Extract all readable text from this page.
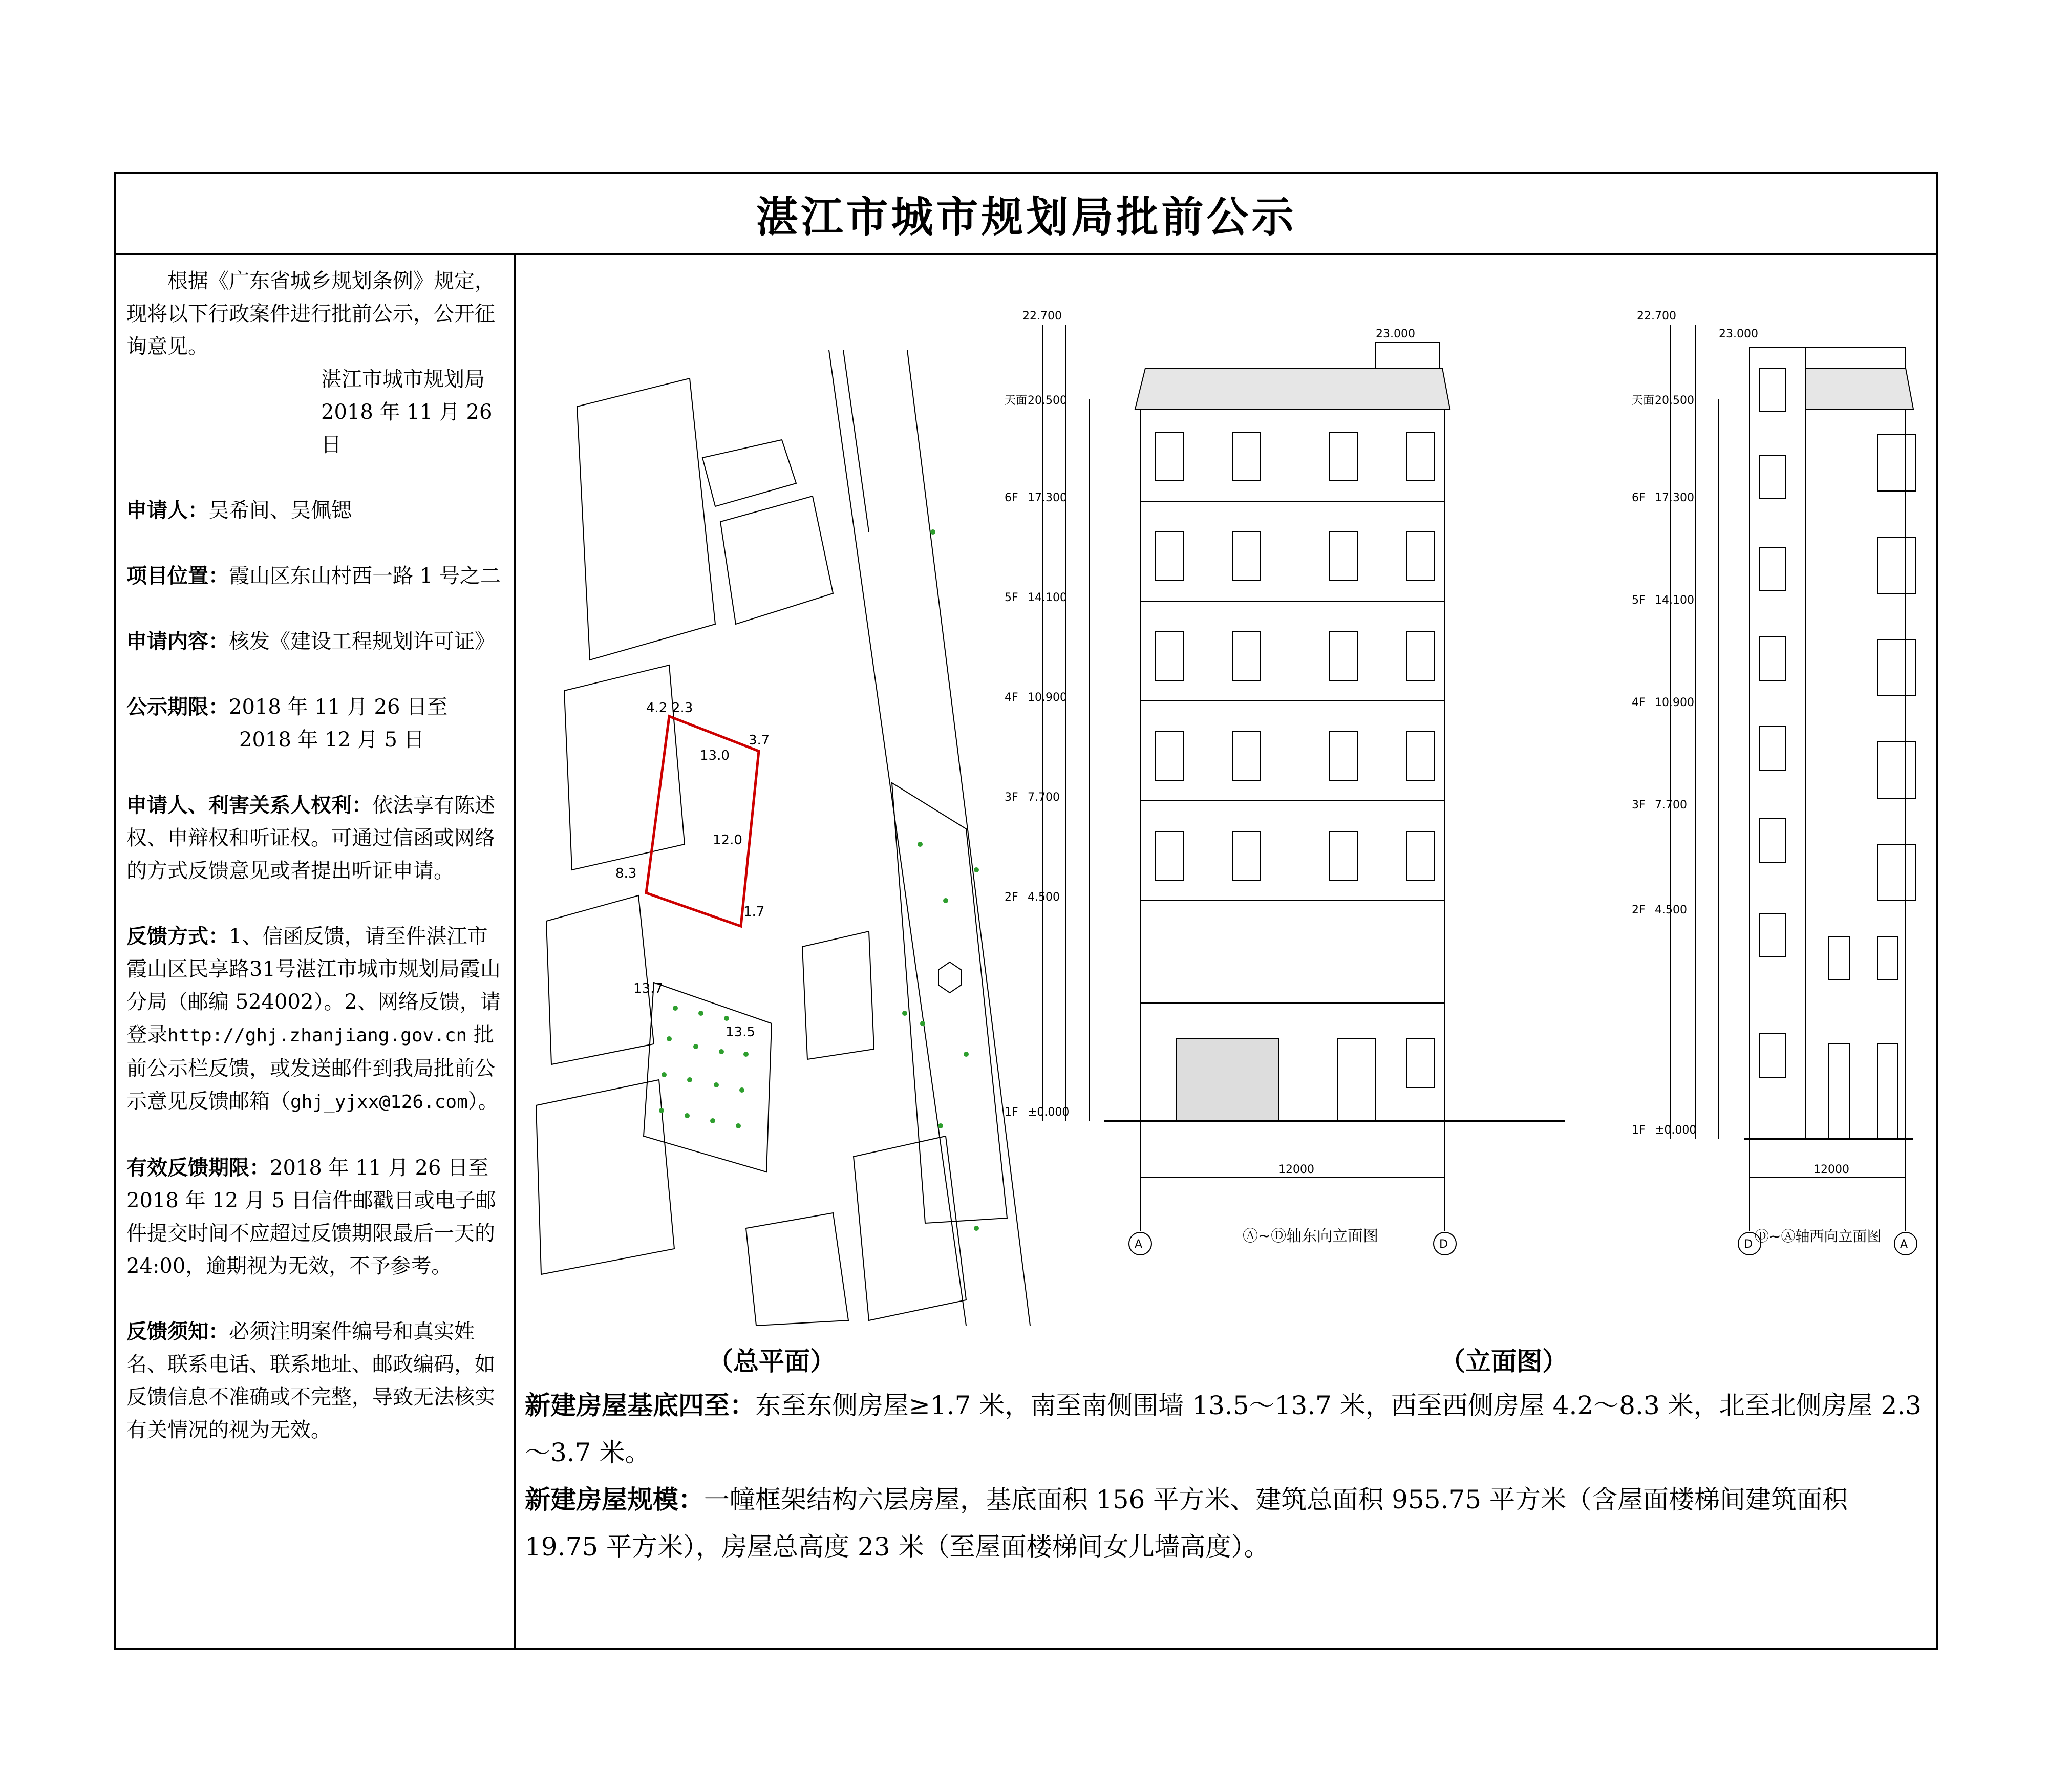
湛江市城市规划局批前公示

根据《广东省城乡规划条例》规定，现将以下行政案件进行批前公示，公开征询意见。

湛江市城市规划局

2018 年 11 月 26 日

申请人：吴希间、吴佩锶

项目位置：霞山区东山村西一路 1 号之二

申请内容：核发《建设工程规划许可证》

公示期限：2018 年 11 月 26 日至

2018 年 12 月 5 日

申请人、利害关系人权利：依法享有陈述权、申辩权和听证权。可通过信函或网络的方式反馈意见或者提出听证申请。

反馈方式：1、信函反馈，请至件湛江市霞山区民享路31号湛江市城市规划局霞山分局（邮编 524002）。2、网络反馈，请登录http://ghj.zhanjiang.gov.cn 批前公示栏反馈，或发送邮件到我局批前公示意见反馈邮箱（ghj_yjxx@126.com）。

有效反馈期限：2018 年 11 月 26 日至 2018 年 12 月 5 日信件邮戳日或电子邮件提交时间不应超过反馈期限最后一天的 24:00，逾期视为无效，不予参考。

反馈须知：必须注明案件编号和真实姓名、联系电话、联系地址、邮政编码，如反馈信息不准确或不完整，导致无法核实有关情况的视为无效。

13.0
12.0
4.2 2.3
3.7
8.3
1.7
13.7
13.5
A	D
12000
Ⓐ~Ⓓ轴东向立面图
23.000
22.700
天面 20.500
6F 17.300
5F 14.100
4F 10.900
3F 7.700
2F 4.500
1F ±0.000
D	A
12000
Ⓓ~Ⓐ轴西向立面图
23.000
22.700
天面 20.500
6F 17.300
5F 14.100
4F 10.900
3F 7.700
2F 4.500
1F ±0.000
（总平面）	（立面图）

新建房屋基底四至：东至东侧房屋≥1.7 米，南至南侧围墙 13.5～13.7 米，西至西侧房屋 4.2～8.3 米，北至北侧房屋 2.3～3.7 米。

新建房屋规模：一幢框架结构六层房屋，基底面积 156 平方米、建筑总面积 955.75 平方米（含屋面楼梯间建筑面积 19.75 平方米），房屋总高度 23 米（至屋面楼梯间女儿墙高度）。
